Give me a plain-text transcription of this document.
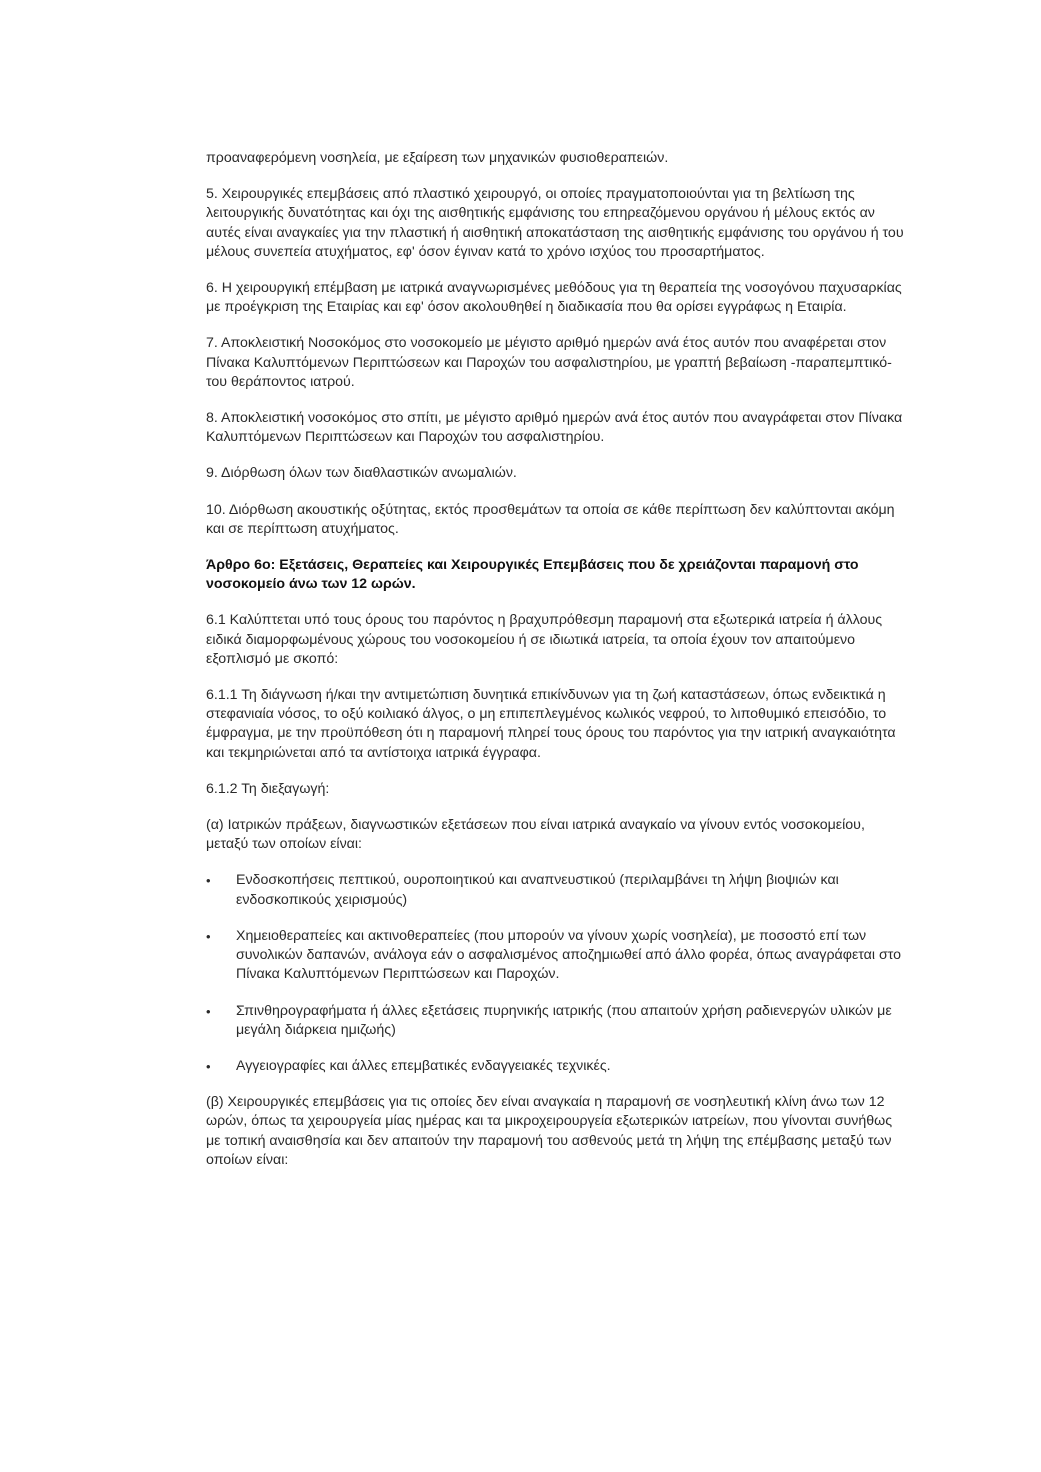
προαναφερόμενη νοσηλεία, με εξαίρεση των μηχανικών φυσιοθεραπειών.

5. Χειρουργικές επεμβάσεις από πλαστικό χειρουργό, οι οποίες πραγματοποιούνται για τη βελτίωση της λειτουργικής δυνατότητας και όχι της αισθητικής εμφάνισης του επηρεαζόμενου οργάνου ή μέλους εκτός αν αυτές είναι αναγκαίες για την πλαστική ή αισθητική αποκατάσταση της αισθητικής εμφάνισης του οργάνου ή του μέλους συνεπεία ατυχήματος, εφ' όσον έγιναν κατά το χρόνο ισχύος του προσαρτήματος.

6. Η χειρουργική επέμβαση με ιατρικά αναγνωρισμένες μεθόδους για τη θεραπεία της νοσογόνου παχυσαρκίας με προέγκριση της Εταιρίας και εφ' όσον ακολουθηθεί η διαδικασία που θα ορίσει εγγράφως η Εταιρία.

7. Αποκλειστική Νοσοκόμος στο νοσοκομείο με μέγιστο αριθμό ημερών ανά έτος αυτόν που αναφέρεται στον Πίνακα Καλυπτόμενων Περιπτώσεων και Παροχών του ασφαλιστηρίου, με γραπτή βεβαίωση -παραπεμπτικό- του θεράποντος ιατρού.

8. Αποκλειστική νοσοκόμος στο σπίτι, με μέγιστο αριθμό ημερών ανά έτος αυτόν που αναγράφεται στον Πίνακα Καλυπτόμενων Περιπτώσεων και Παροχών του ασφαλιστηρίου.

9. Διόρθωση όλων των διαθλαστικών ανωμαλιών.

10. Διόρθωση ακουστικής οξύτητας, εκτός προσθεμάτων τα οποία σε κάθε περίπτωση δεν καλύπτονται ακόμη και σε περίπτωση ατυχήματος.

Άρθρο 6ο: Εξετάσεις, Θεραπείες και Χειρουργικές Επεμβάσεις που δε χρειάζονται παραμονή στο νοσοκομείο άνω των 12 ωρών.

6.1 Καλύπτεται υπό τους όρους του παρόντος η βραχυπρόθεσμη παραμονή στα εξωτερικά ιατρεία ή άλλους ειδικά διαμορφωμένους χώρους του νοσοκομείου ή σε ιδιωτικά ιατρεία, τα οποία έχουν τον απαιτούμενο εξοπλισμό με σκοπό:

6.1.1 Τη διάγνωση ή/και την αντιμετώπιση δυνητικά επικίνδυνων για τη ζωή καταστάσεων, όπως ενδεικτικά η στεφανιαία νόσος, το οξύ κοιλιακό άλγος, ο μη επιπεπλεγμένος κωλικός νεφρού, το λιποθυμικό επεισόδιο, το έμφραγμα, με την προϋπόθεση ότι η παραμονή πληρεί τους όρους του παρόντος για την ιατρική αναγκαιότητα και τεκμηριώνεται από τα αντίστοιχα ιατρικά έγγραφα.

6.1.2 Τη διεξαγωγή:

(α) Ιατρικών πράξεων, διαγνωστικών εξετάσεων που είναι ιατρικά αναγκαίο να γίνουν εντός νοσοκομείου, μεταξύ των οποίων είναι:

•	Ενδοσκοπήσεις πεπτικού, ουροποιητικού και αναπνευστικού (περιλαμβάνει τη λήψη βιοψιών και ενδοσκοπικούς χειρισμούς)
•	Χημειοθεραπείες και ακτινοθεραπείες (που μπορούν να γίνουν χωρίς νοσηλεία), με ποσοστό επί των συνολικών δαπανών, ανάλογα εάν ο ασφαλισμένος αποζημιωθεί από άλλο φορέα, όπως αναγράφεται στο Πίνακα Καλυπτόμενων Περιπτώσεων και Παροχών.
•	Σπινθηρογραφήματα ή άλλες εξετάσεις πυρηνικής ιατρικής (που απαιτούν χρήση ραδιενεργών υλικών με μεγάλη διάρκεια ημιζωής)
•	Αγγειογραφίες και άλλες επεμβατικές ενδαγγειακές τεχνικές.

(β) Χειρουργικές επεμβάσεις για τις οποίες δεν είναι αναγκαία η παραμονή σε νοσηλευτική κλίνη άνω των 12 ωρών, όπως τα χειρουργεία μίας ημέρας και τα μικροχειρουργεία εξωτερικών ιατρείων, που γίνονται συνήθως με τοπική αναισθησία και δεν απαιτούν την παραμονή του ασθενούς μετά τη λήψη της επέμβασης μεταξύ των οποίων είναι:
